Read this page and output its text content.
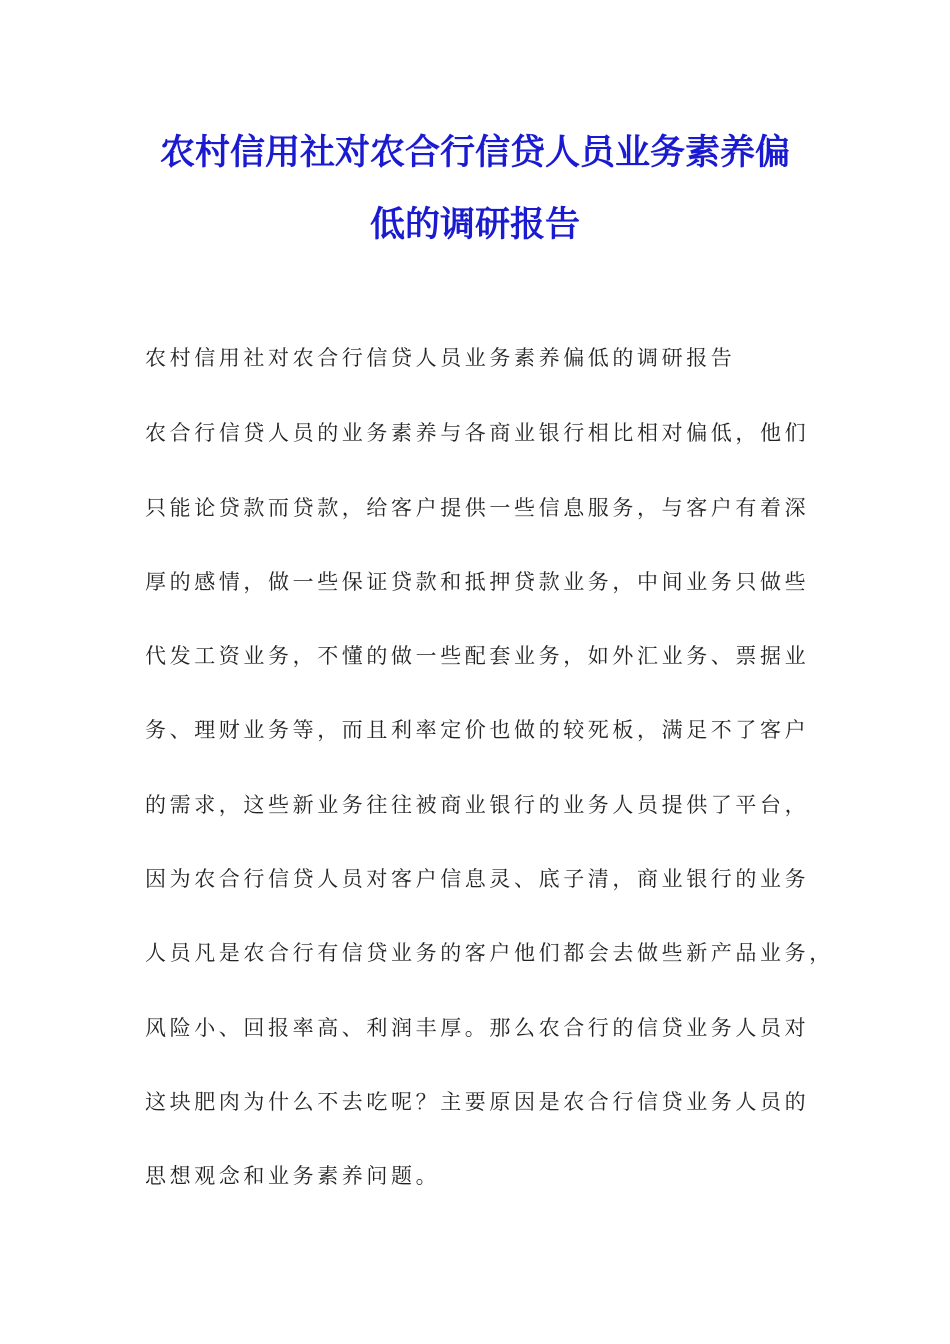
农村信用社对农合行信贷人员业务素养偏
低的调研报告
农村信用社对农合行信贷人员业务素养偏低的调研报告
农合行信贷人员的业务素养与各商业银行相比相对偏低，他们
只能论贷款而贷款，给客户提供一些信息服务，与客户有着深
厚的感情，做一些保证贷款和抵押贷款业务，中间业务只做些
代发工资业务，不懂的做一些配套业务，如外汇业务、票据业
务、理财业务等，而且利率定价也做的较死板，满足不了客户
的需求，这些新业务往往被商业银行的业务人员提供了平台，
因为农合行信贷人员对客户信息灵、底子清，商业银行的业务
人员凡是农合行有信贷业务的客户他们都会去做些新产品业务，
风险小、回报率高、利润丰厚。那么农合行的信贷业务人员对
这块肥肉为什么不去吃呢？主要原因是农合行信贷业务人员的
思想观念和业务素养问题。
